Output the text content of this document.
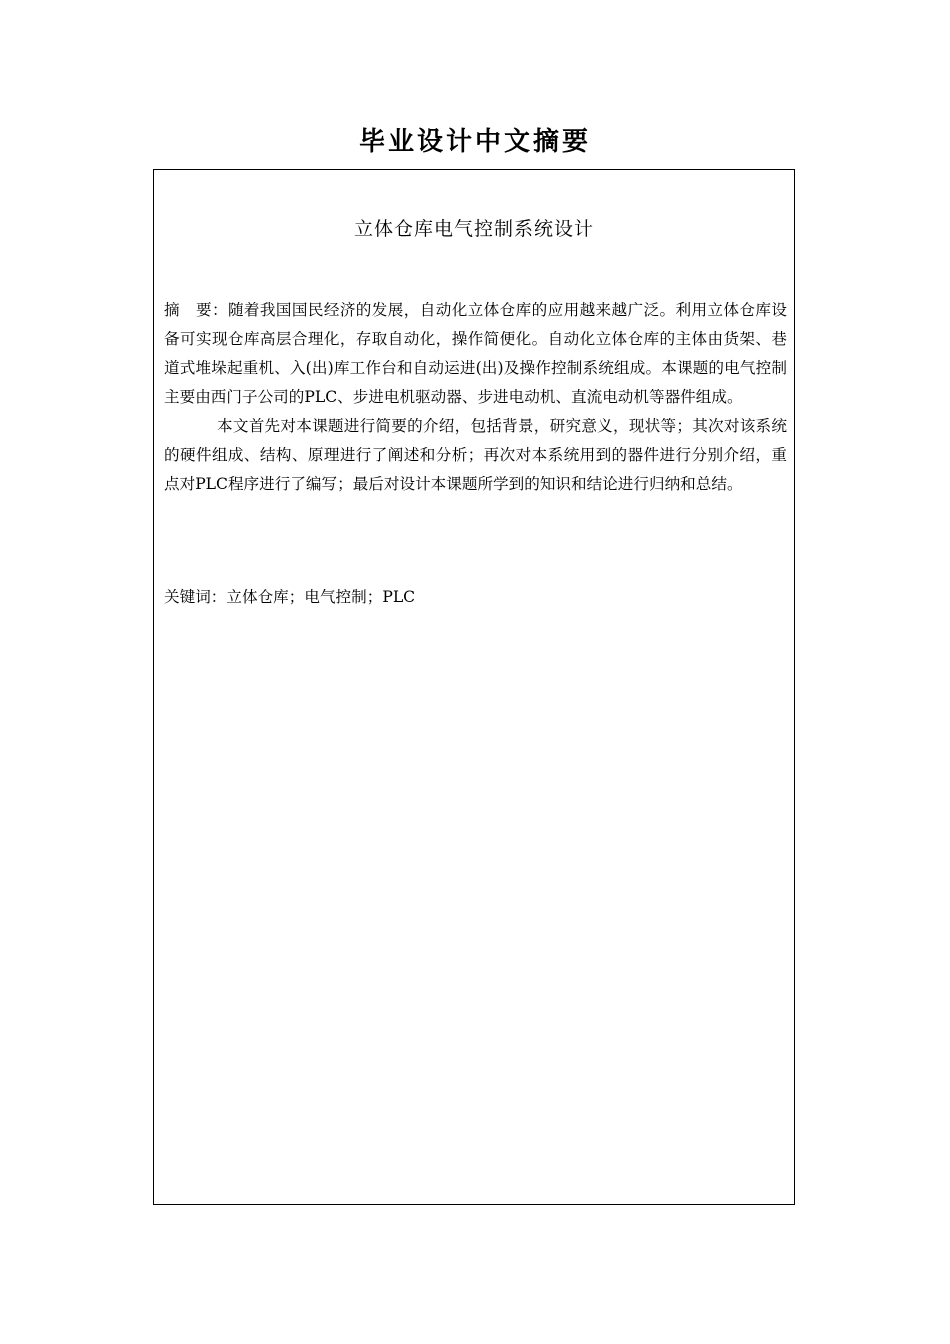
毕业设计中文摘要
立体仓库电气控制系统设计

摘　要：随着我国国民经济的发展，自动化立体仓库的应用越来越广泛。利用立体仓库设备可实现仓库高层合理化，存取自动化，操作简便化。自动化立体仓库的主体由货架、巷道式堆垛起重机、入(出)库工作台和自动运进(出)及操作控制系统组成。本课题的电气控制主要由西门子公司的PLC、步进电机驱动器、步进电动机、直流电动机等器件组成。

本文首先对本课题进行简要的介绍，包括背景，研究意义，现状等；其次对该系统的硬件组成、结构、原理进行了阐述和分析；再次对本系统用到的器件进行分别介绍，重点对PLC程序进行了编写；最后对设计本课题所学到的知识和结论进行归纳和总结。

关键词：立体仓库；电气控制；PLC
